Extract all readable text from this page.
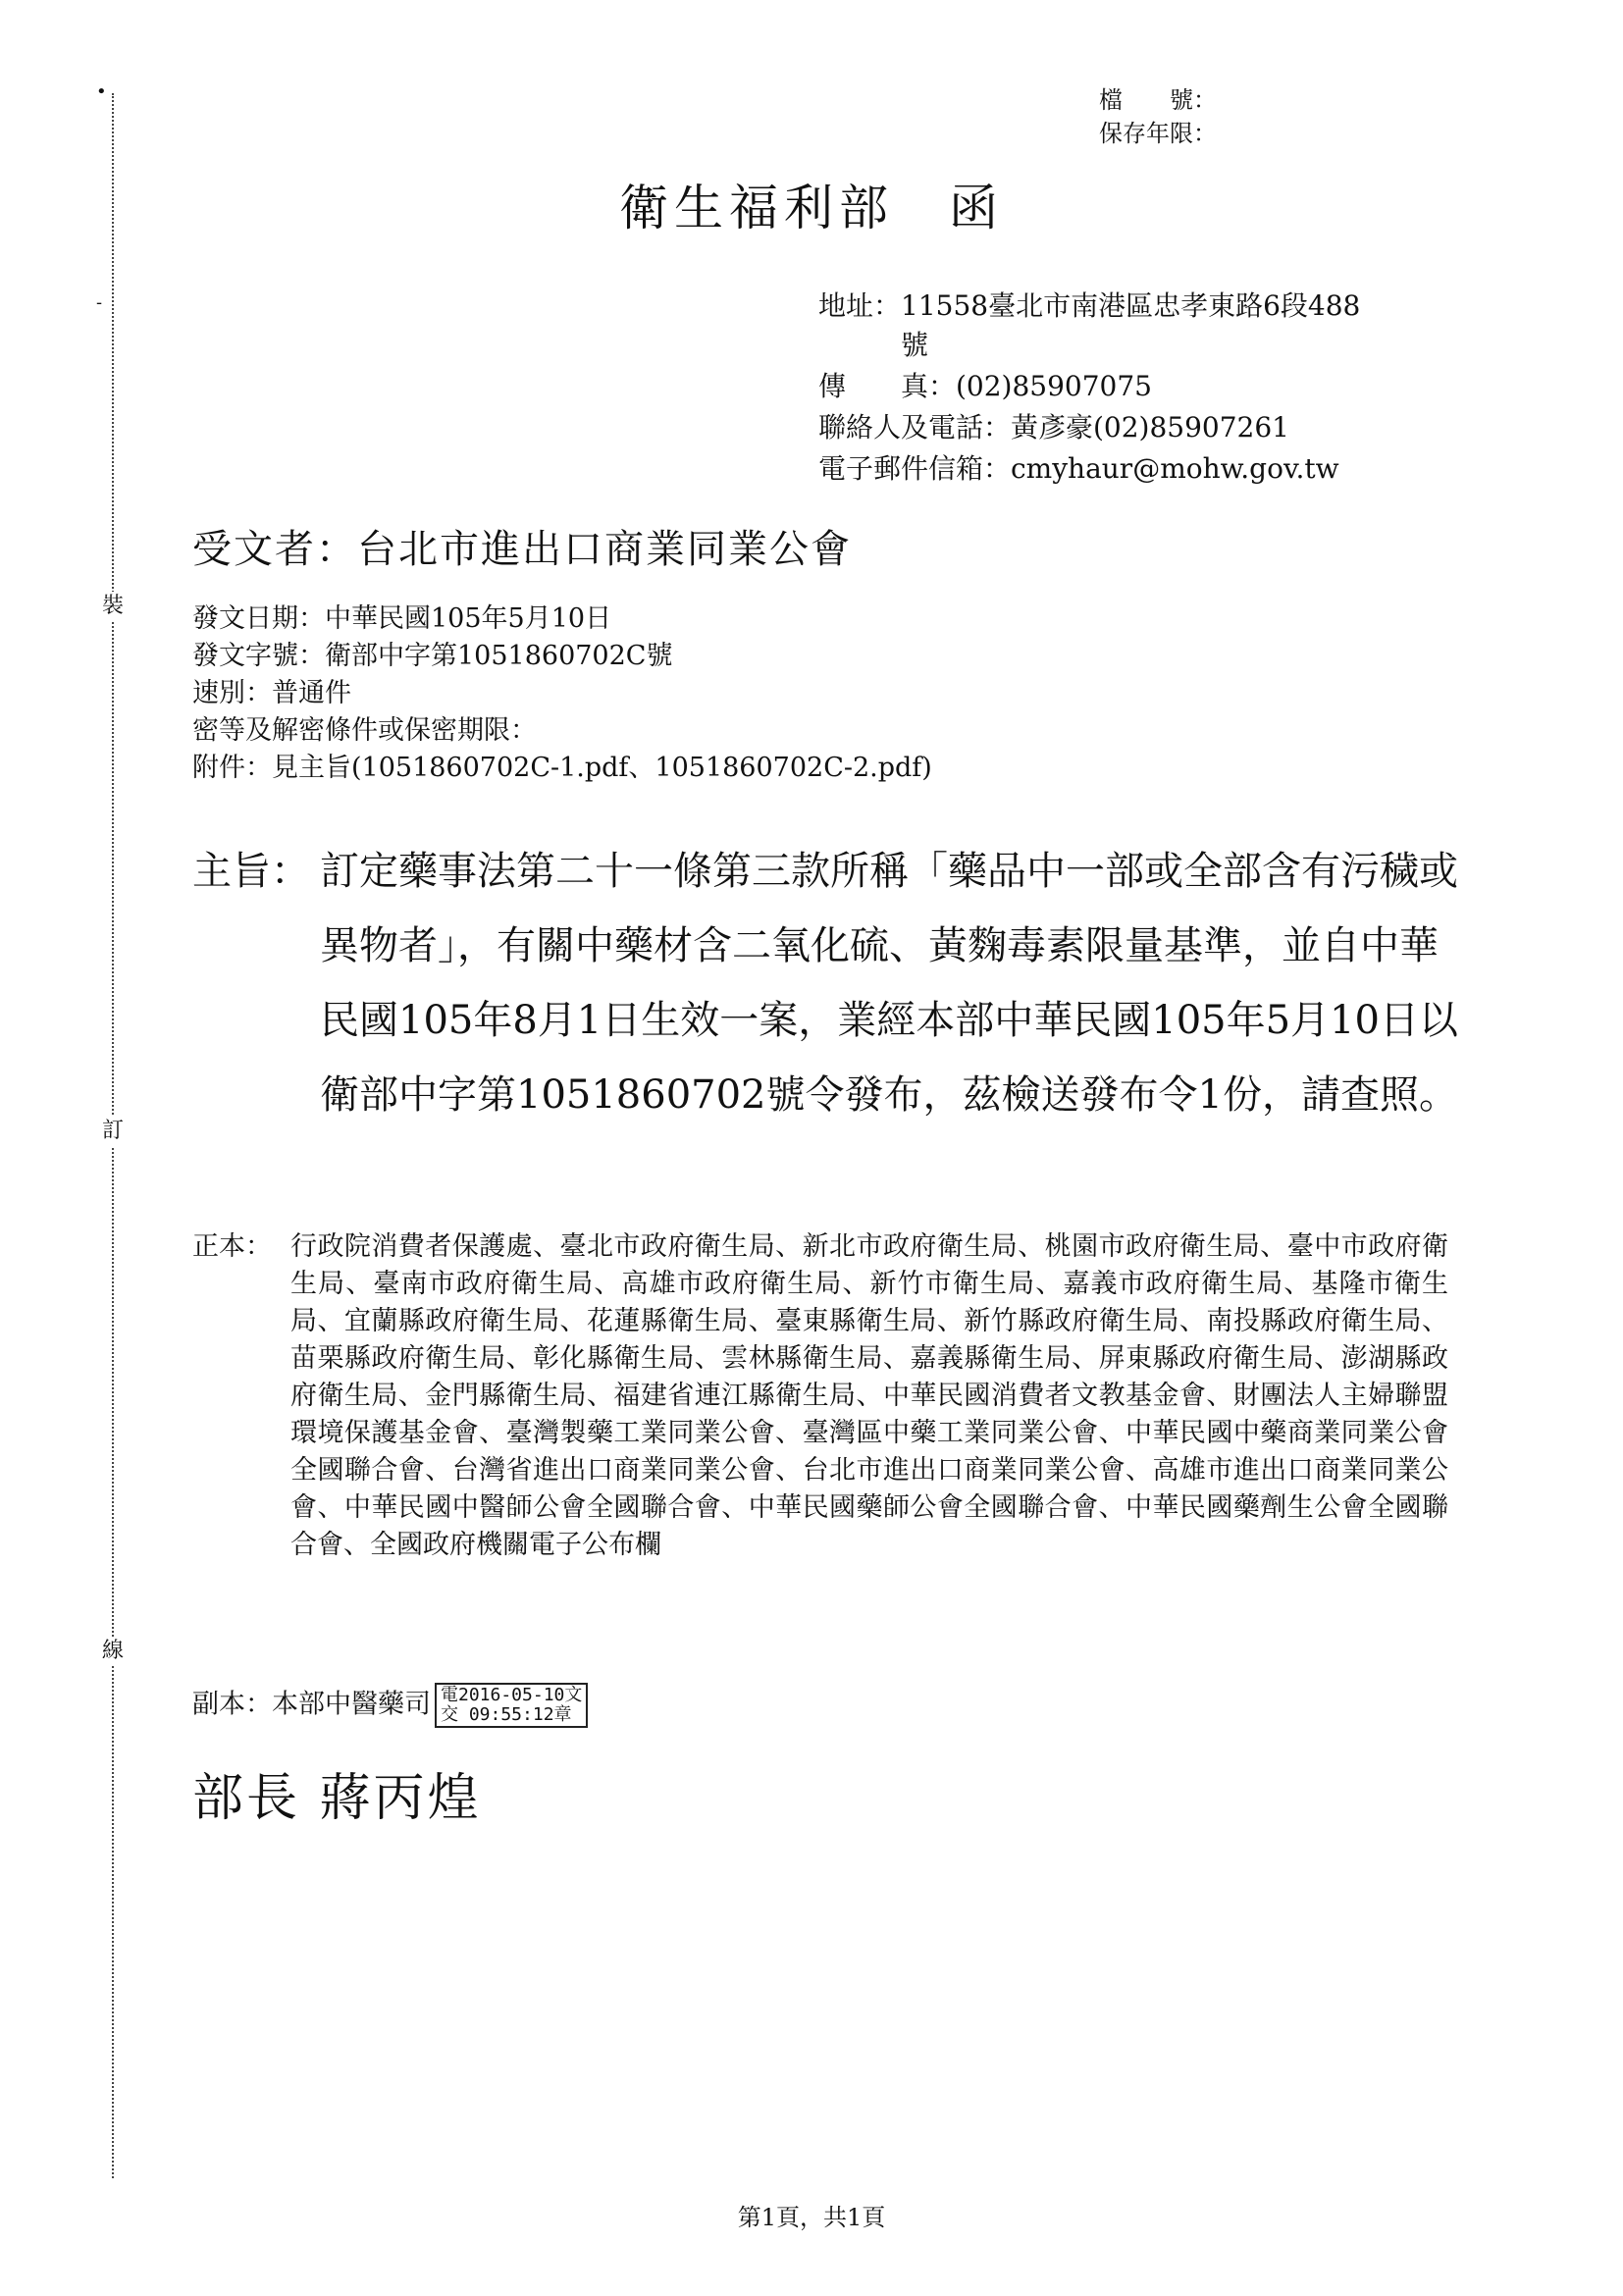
•
-
裝
訂
線
檔　　號：
保存年限：
衛生福利部　函
地址：11558臺北市南港區忠孝東路6段488
　　　號
傳　　真：(02)85907075
聯絡人及電話：黃彥豪(02)85907261
電子郵件信箱：cmyhaur@mohw.gov.tw
受文者：台北市進出口商業同業公會
發文日期：中華民國105年5月10日
發文字號：衛部中字第1051860702C號
速別：普通件
密等及解密條件或保密期限：
附件：見主旨(1051860702C-1.pdf、1051860702C-2.pdf)
主旨： 訂定藥事法第二十一條第三款所稱「藥品中一部或全部含有污穢或異物者」，有關中藥材含二氧化硫、黃麴毒素限量基準，並自中華民國105年8月1日生效一案，業經本部中華民國105年5月10日以衛部中字第1051860702號令發布，茲檢送發布令1份，請查照。
正本： 行政院消費者保護處、臺北市政府衛生局、新北市政府衛生局、桃園市政府衛生局、臺中市政府衛生局、臺南市政府衛生局、高雄市政府衛生局、新竹市衛生局、嘉義市政府衛生局、基隆市衛生局、宜蘭縣政府衛生局、花蓮縣衛生局、臺東縣衛生局、新竹縣政府衛生局、南投縣政府衛生局、苗栗縣政府衛生局、彰化縣衛生局、雲林縣衛生局、嘉義縣衛生局、屏東縣政府衛生局、澎湖縣政府衛生局、金門縣衛生局、福建省連江縣衛生局、中華民國消費者文教基金會、財團法人主婦聯盟環境保護基金會、臺灣製藥工業同業公會、臺灣區中藥工業同業公會、中華民國中藥商業同業公會全國聯合會、台灣省進出口商業同業公會、台北市進出口商業同業公會、高雄市進出口商業同業公會、中華民國中醫師公會全國聯合會、中華民國藥師公會全國聯合會、中華民國藥劑生公會全國聯合會、全國政府機關電子公布欄
副本：本部中醫藥司 電2016-05-10文
交 09:55:12章
部長 蔣丙煌
第1頁，共1頁
